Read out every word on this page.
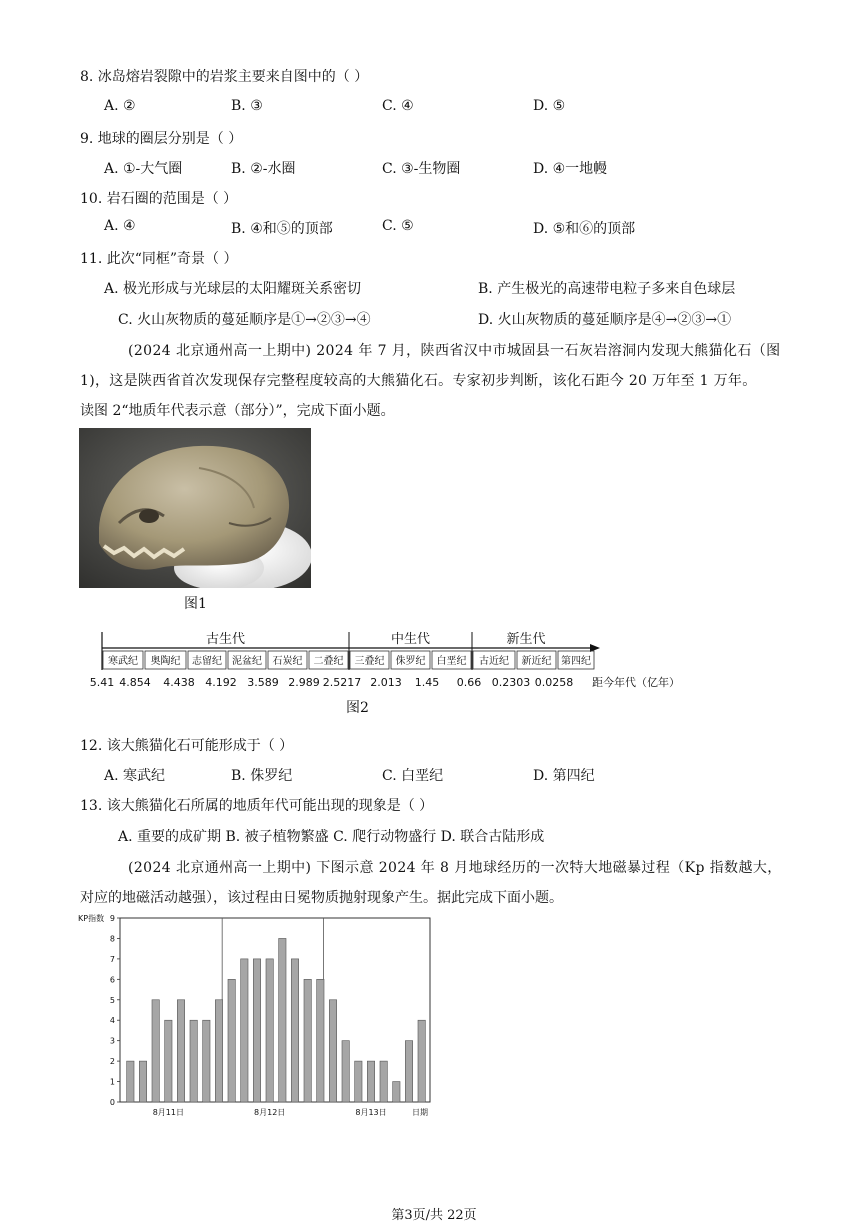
8. 冰岛熔岩裂隙中的岩浆主要来自图中的（ ）
A. ②	B. ③	C. ④	D. ⑤
9. 地球的圈层分别是（ ）
A. ①-大气圈	B. ②-水圈	C. ③-生物圈	D. ④一地幔
10. 岩石圈的范围是（ ）
A. ④	B. ④和⑤的顶部	C. ⑤	D. ⑤和⑥的顶部
11. 此次“同框”奇景（ ）
A. 极光形成与光球层的太阳耀斑关系密切	B. 产生极光的高速带电粒子多来自色球层
C. 火山灰物质的蔓延顺序是①→②③→④	D. 火山灰物质的蔓延顺序是④→②③→①
(2024 北京通州高一上期中) 2024 年 7 月，陕西省汉中市城固县一石灰岩溶洞内发现大熊猫化石（图
1)，这是陕西省首次发现保存完整程度较高的大熊猫化石。专家初步判断，该化石距今 20 万年至 1 万年。
读图 2“地质年代表示意（部分）”，完成下面小题。
图1
古生代	中生代	新生代
寒武纪 奥陶纪 志留纪 泥盆纪 石炭纪 二叠纪 三叠纪 侏罗纪 白垩纪 古近纪 新近纪 第四纪
5.41 4.854 4.438 4.192 3.589 2.989 2.5217 2.013 1.45 0.66 0.2303 0.0258 距今年代（亿年）
图2
12. 该大熊猫化石可能形成于（ ）
A. 寒武纪	B. 侏罗纪	C. 白垩纪	D. 第四纪
13. 该大熊猫化石所属的地质年代可能出现的现象是（ ）
A. 重要的成矿期 B. 被子植物繁盛 C. 爬行动物盛行 D. 联合古陆形成
(2024 北京通州高一上期中) 下图示意 2024 年 8 月地球经历的一次特大地磁暴过程（Kp 指数越大，
对应的地磁活动越强），该过程由日冕物质抛射现象产生。据此完成下面小题。
KP指数
日期
0
1
2
3
4
5
6
7
8
9
8月11日	8月12日	8月13日
第3页/共 22页
